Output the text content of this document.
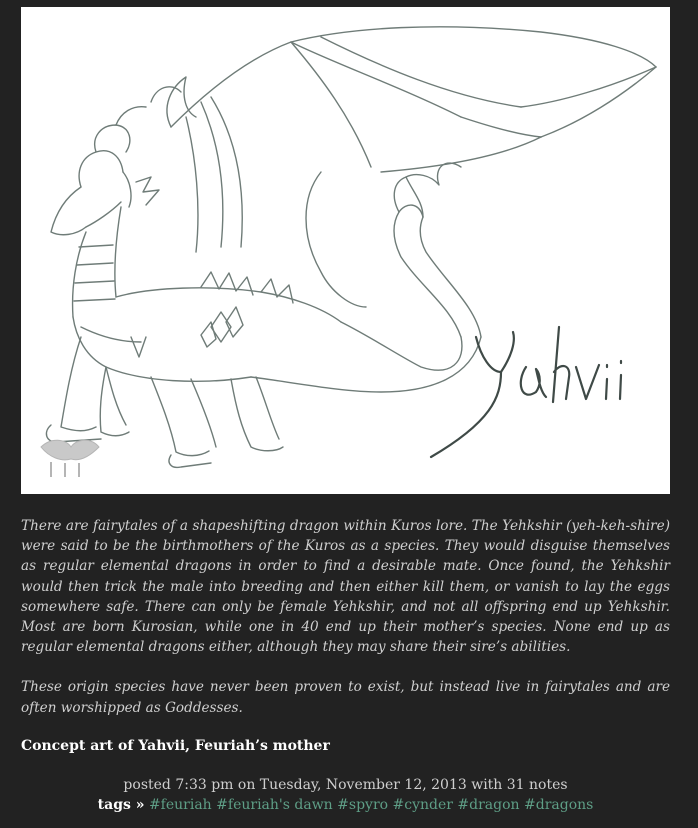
There are fairytales of a shapeshifting dragon within Kuros lore. The Yehkshir (yeh-keh-shire) were said to be the birthmothers of the Kuros as a species. They would disguise themselves as regular elemental dragons in order to find a desirable mate. Once found, the Yehkshir would then trick the male into breeding and then either kill them, or vanish to lay the eggs somewhere safe. There can only be female Yehkshir, and not all offspring end up Yehkshir. Most are born Kurosian, while one in 40 end up their mother’s species. None end up as regular elemental dragons either, although they may share their sire’s abilities.

These origin species have never been proven to exist, but instead live in fairytales and are often worshipped as Goddesses.

Concept art of Yahvii, Feuriah’s mother
posted 7:33 pm on Tuesday, November 12, 2013 with 31 notes
tags » #feuriah #feuriah's dawn #spyro #cynder #dragon #dragons
